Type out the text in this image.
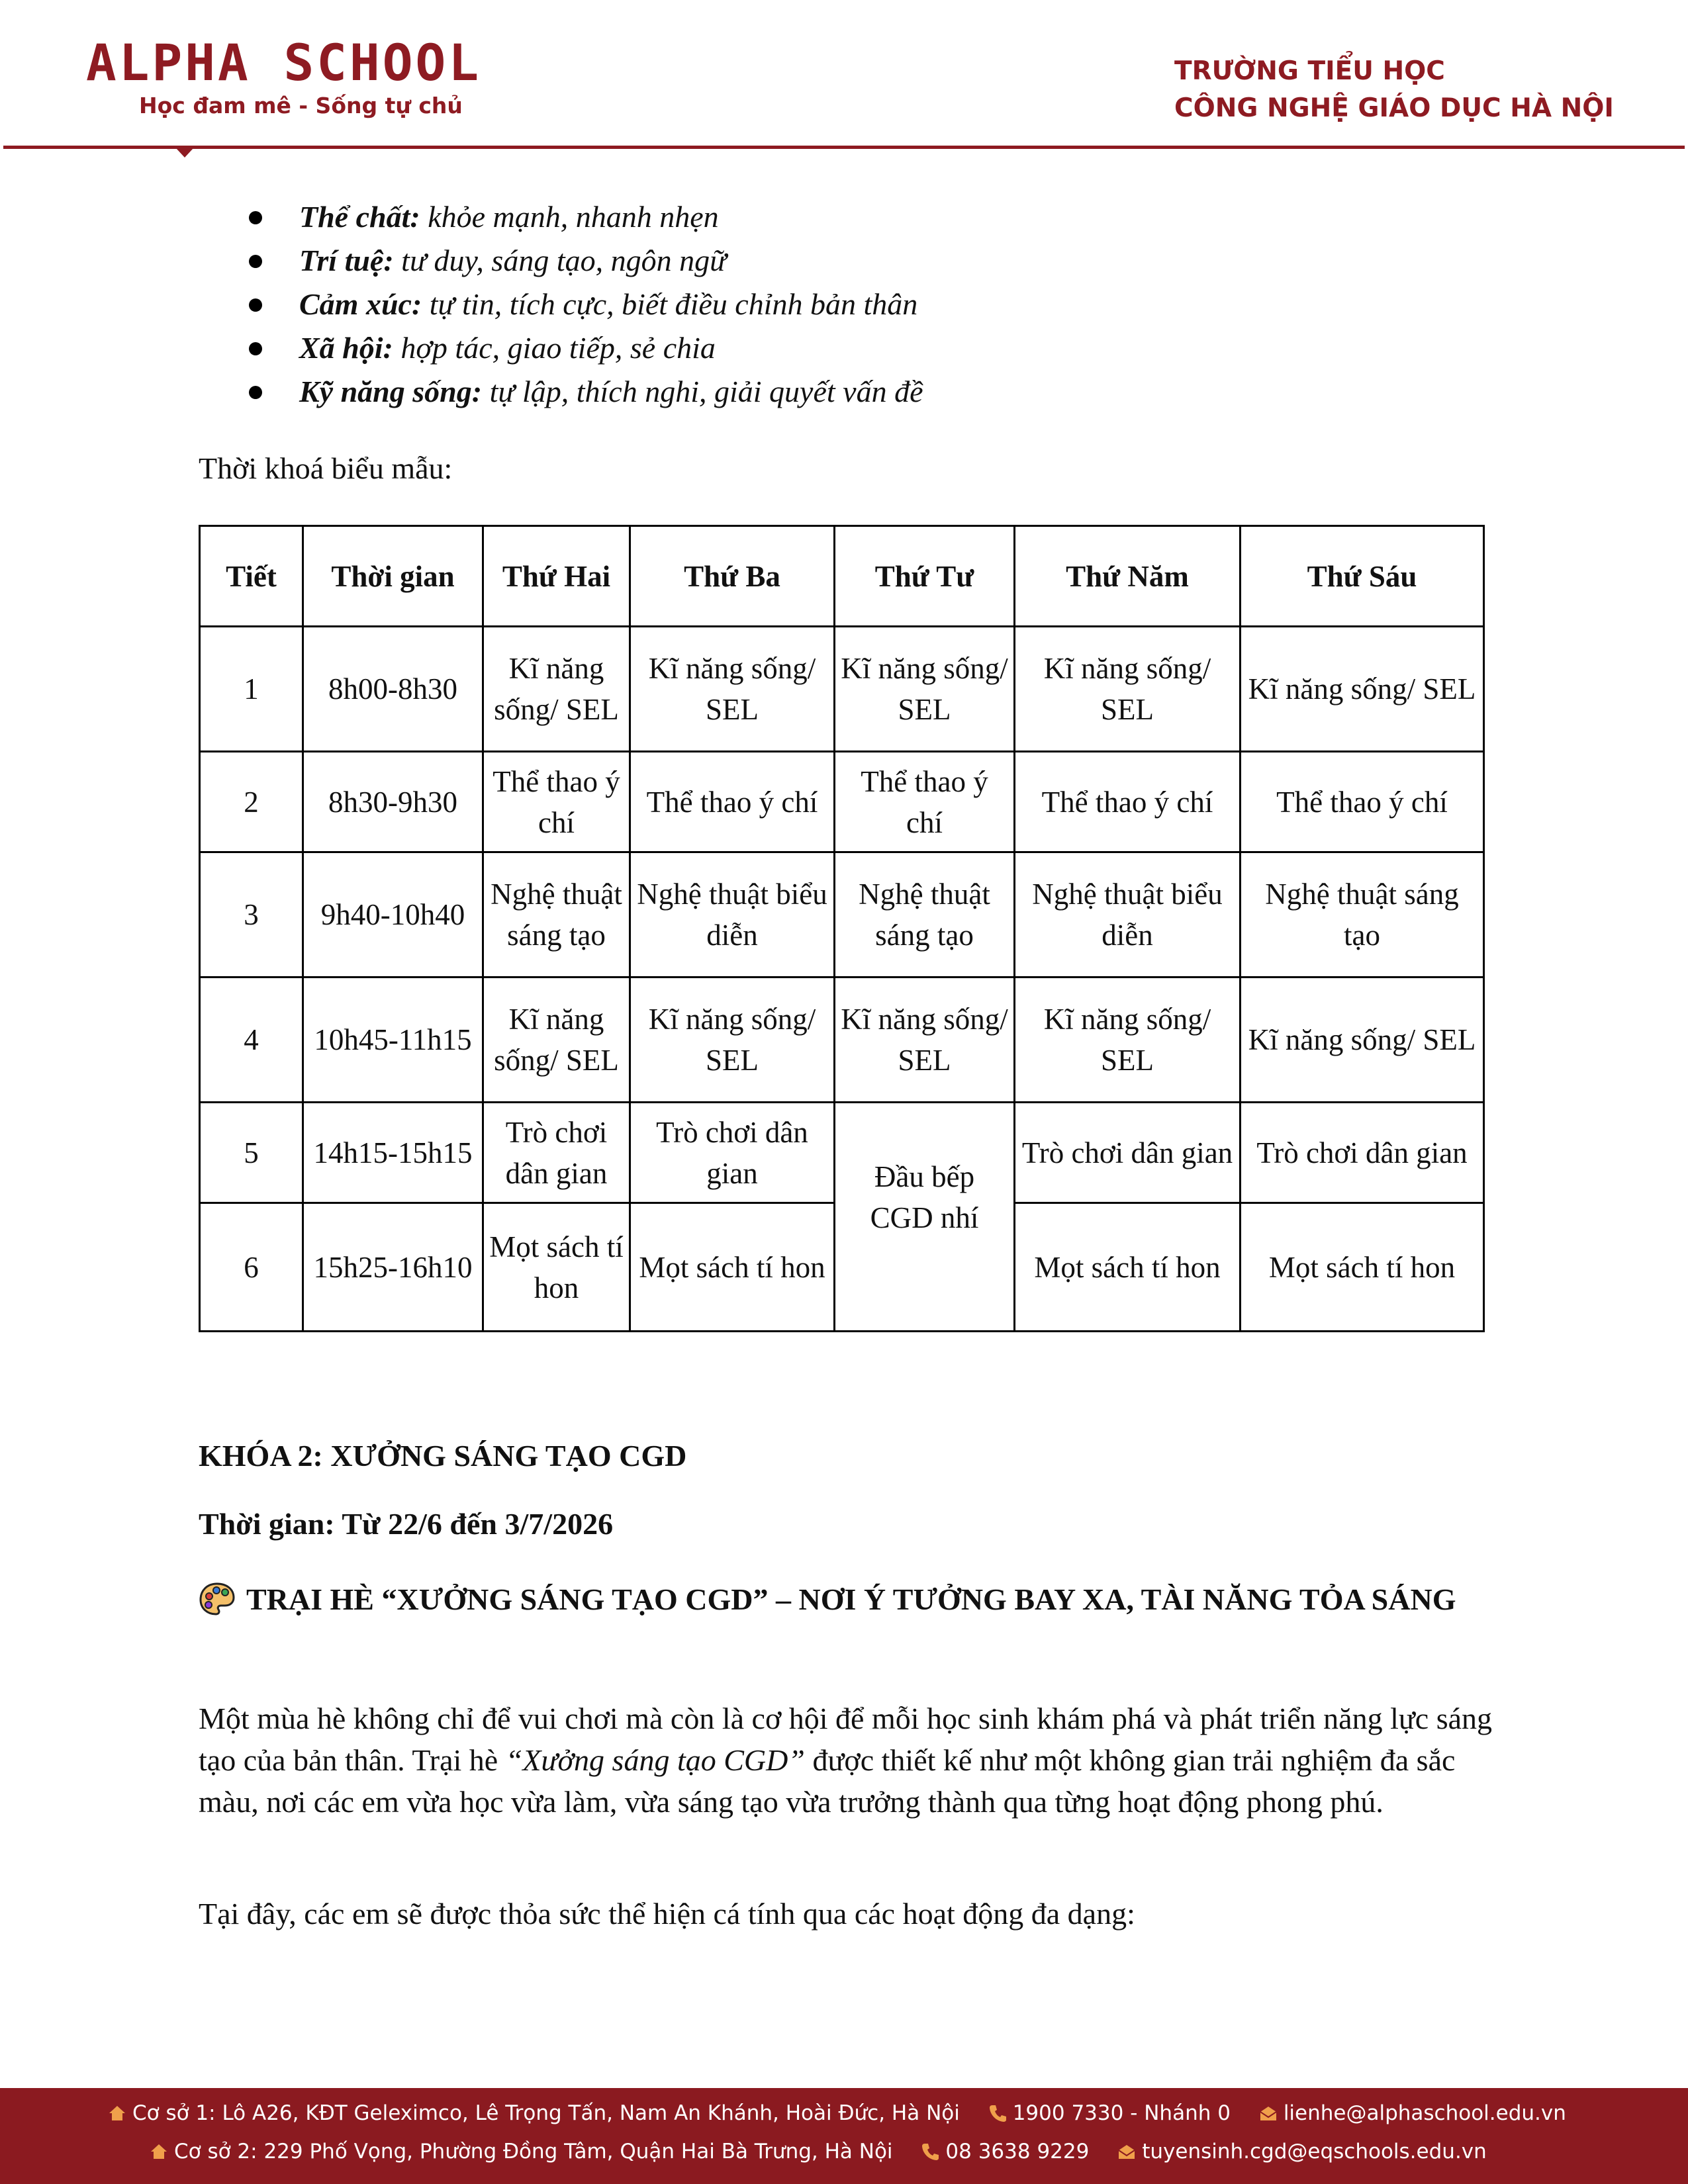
ALPHA SCHOOL
Học đam mê - Sống tự chủ
TRƯỜNG TIỂU HỌC
CÔNG NGHỆ GIÁO DỤC HÀ NỘI
Thể chất: khỏe mạnh, nhanh nhẹn
Trí tuệ: tư duy, sáng tạo, ngôn ngữ
Cảm xúc: tự tin, tích cực, biết điều chỉnh bản thân
Xã hội: hợp tác, giao tiếp, sẻ chia
Kỹ năng sống: tự lập, thích nghi, giải quyết vấn đề
Thời khoá biểu mẫu:
Tiết	Thời gian	Thứ Hai	Thứ Ba	Thứ Tư	Thứ Năm	Thứ Sáu
1	8h00-8h30	Kĩ năng sống/ SEL	Kĩ năng sống/ SEL	Kĩ năng sống/ SEL	Kĩ năng sống/ SEL	Kĩ năng sống/ SEL
2	8h30-9h30	Thể thao ý chí	Thể thao ý chí	Thể thao ý chí	Thể thao ý chí	Thể thao ý chí
3	9h40-10h40	Nghệ thuật sáng tạo	Nghệ thuật biểu diễn	Nghệ thuật sáng tạo	Nghệ thuật biểu diễn	Nghệ thuật sáng tạo
4	10h45-11h15	Kĩ năng sống/ SEL	Kĩ năng sống/ SEL	Kĩ năng sống/ SEL	Kĩ năng sống/ SEL	Kĩ năng sống/ SEL
5	14h15-15h15	Trò chơi dân gian	Trò chơi dân gian	Đầu bếp CGD nhí	Trò chơi dân gian	Trò chơi dân gian
6	15h25-16h10	Mọt sách tí hon	Mọt sách tí hon		Mọt sách tí hon	Mọt sách tí hon
KHÓA 2: XƯỞNG SÁNG TẠO CGD
Thời gian: Từ 22/6 đến 3/7/2026
TRẠI HÈ “XƯỞNG SÁNG TẠO CGD” – NƠI Ý TƯỞNG BAY XA, TÀI NĂNG TỎA SÁNG
Một mùa hè không chỉ để vui chơi mà còn là cơ hội để mỗi học sinh khám phá và phát triển năng lực sáng tạo của bản thân. Trại hè “Xưởng sáng tạo CGD” được thiết kế như một không gian trải nghiệm đa sắc màu, nơi các em vừa học vừa làm, vừa sáng tạo vừa trưởng thành qua từng hoạt động phong phú.
Tại đây, các em sẽ được thỏa sức thể hiện cá tính qua các hoạt động đa dạng:
Cơ sở 1: Lô A26, KĐT Geleximco, Lê Trọng Tấn, Nam An Khánh, Hoài Đức, Hà Nội	1900 7330 - Nhánh 0	lienhe@alphaschool.edu.vn
Cơ sở 2: 229 Phố Vọng, Phường Đồng Tâm, Quận Hai Bà Trưng, Hà Nội	08 3638 9229	tuyensinh.cgd@eqschools.edu.vn
